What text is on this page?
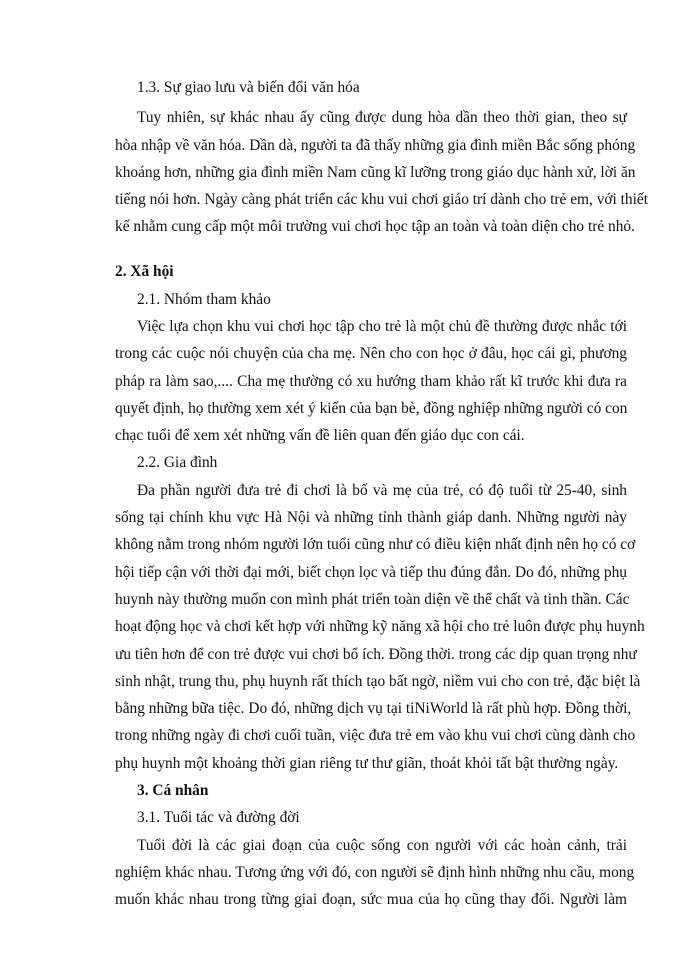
1.3. Sự giao lưu và biến đổi văn hóa
Tuy nhiên, sự khác nhau ấy cũng được dung hòa dần theo thời gian, theo sự
hòa nhập về văn hóa. Dần dà, người ta đã thấy những gia đình miền Bắc sống phóng
khoáng hơn, những gia đình miền Nam cũng kĩ lưỡng trong giáo dục hành xử, lời ăn
tiếng nói hơn. Ngày càng phát triển các khu vui chơi giáo trí dành cho trẻ em, với thiết
kế nhằm cung cấp một môi trường vui chơi học tập an toàn và toàn diện cho trẻ nhỏ.
2. Xã hội
2.1. Nhóm tham khảo
Việc lựa chọn khu vui chơi học tập cho trẻ là một chủ đề thường được nhắc tới
trong các cuộc nói chuyện của cha mẹ. Nên cho con học ở đâu, học cái gì, phương
pháp ra làm sao,.... Cha mẹ thường có xu hướng tham khảo rất kĩ trước khi đưa ra
quyết định, họ thường xem xét ý kiến của bạn bè, đồng nghiệp những người có con
chạc tuổi để xem xét những vấn đề liên quan đến giáo dục con cái.
2.2. Gia đình
Đa phần người đưa trẻ đi chơi là bố và mẹ của trẻ, có độ tuổi từ 25-40, sinh
sống tại chính khu vực Hà Nội và những tỉnh thành giáp danh. Những người này
không nằm trong nhóm người lớn tuổi cũng như có điều kiện nhất định nên họ có cơ
hội tiếp cận với thời đại mới, biết chọn lọc và tiếp thu đúng đắn. Do đó, những phụ
huynh này thường muốn con mình phát triển toàn diện về thể chất và tinh thần. Các
hoạt động học và chơi kết hợp với những kỹ năng xã hội cho trẻ luôn được phụ huynh
ưu tiên hơn để con trẻ được vui chơi bổ ích. Đồng thời. trong các dịp quan trọng như
sinh nhật, trung thu, phụ huynh rất thích tạo bất ngờ, niềm vui cho con trẻ, đặc biệt là
bằng những bữa tiệc. Do đó, những dịch vụ tại tiNiWorld là rất phù hợp. Đồng thời,
trong những ngày đi chơi cuối tuần, việc đưa trẻ em vào khu vui chơi cùng dành cho
phụ huynh một khoảng thời gian riêng tư thư giãn, thoát khỏi tất bật thường ngày.
3. Cá nhân
3.1. Tuổi tác và đường đời
Tuổi đời là các giai đoạn của cuộc sống con người với các hoàn cảnh, trải
nghiệm khác nhau. Tương ứng với đó, con người sẽ định hình những nhu cầu, mong
muốn khác nhau trong từng giai đoạn, sức mua của họ cũng thay đổi. Người làm
